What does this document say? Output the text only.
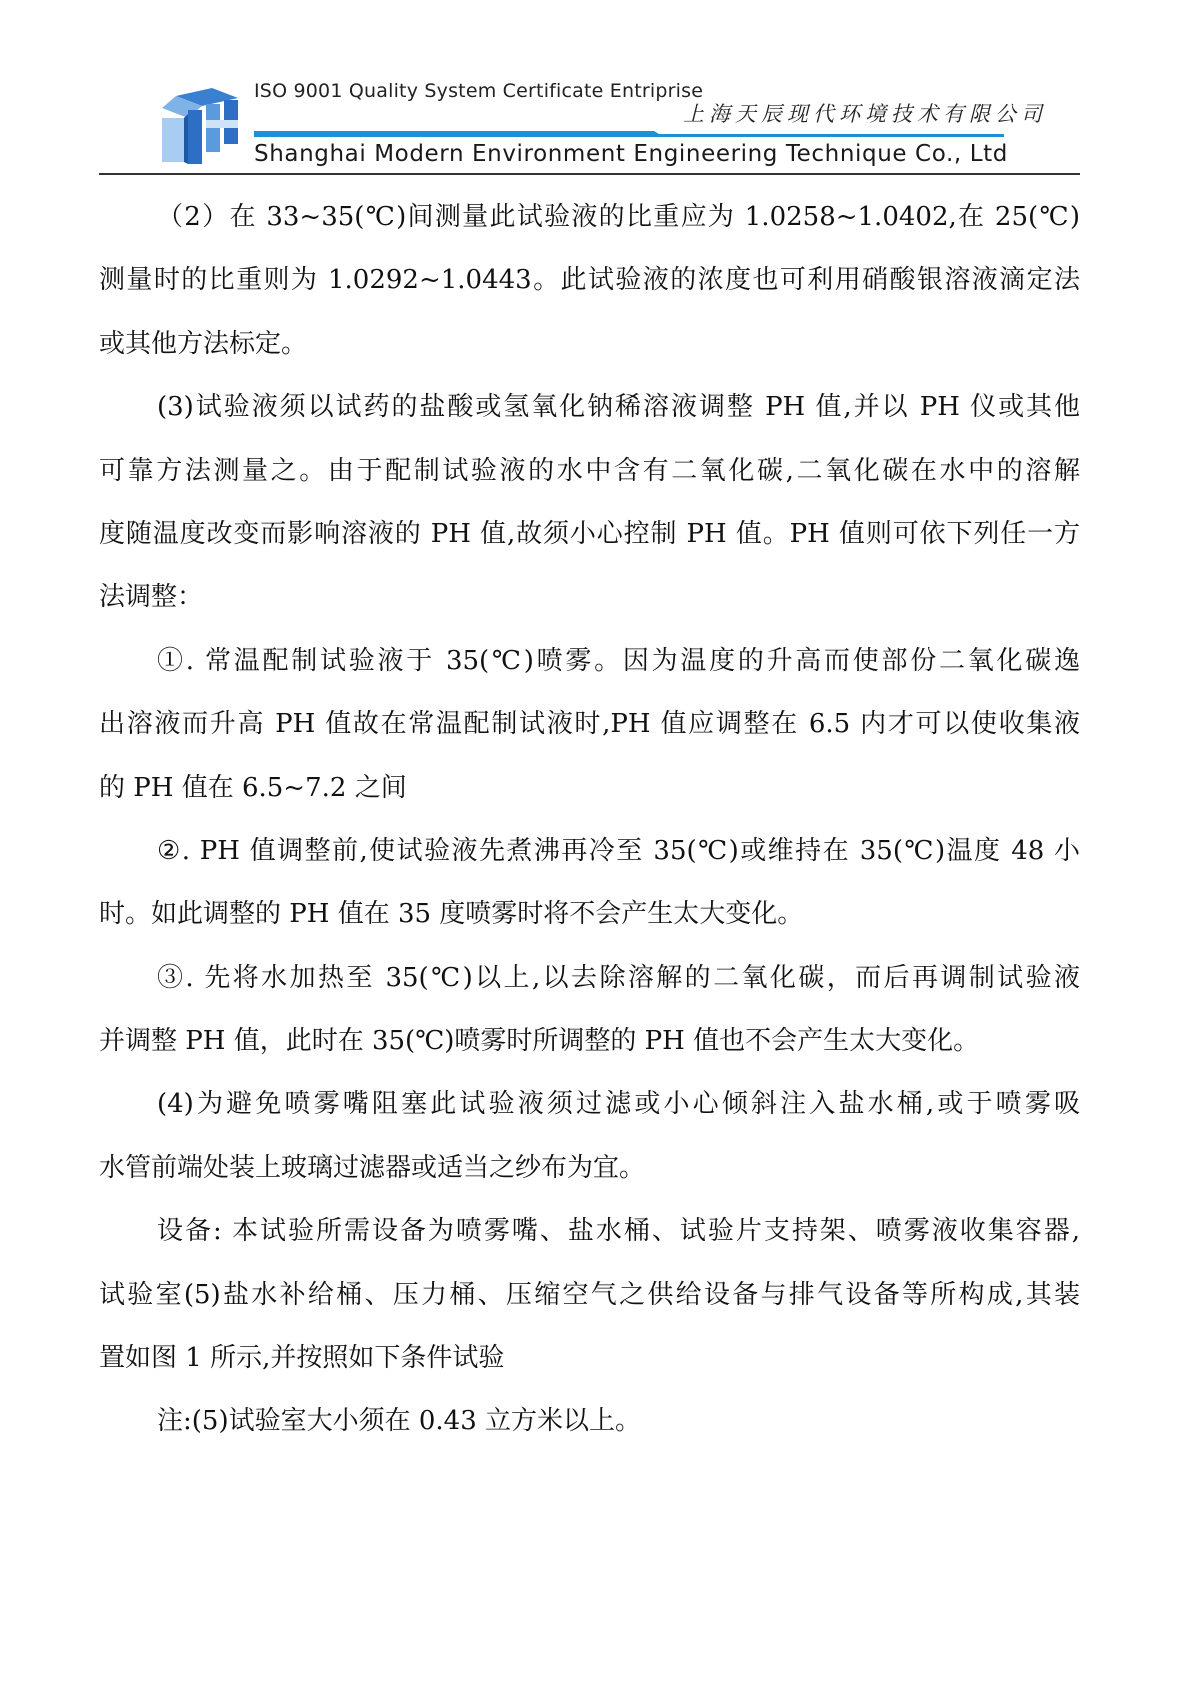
ISO 9001 Quality System Certificate Entriprise
上海天辰现代环境技术有限公司
Shanghai Modern Environment Engineering Technique Co., Ltd
（2）在 33~35(℃)间测量此试验液的比重应为 1.0258~1.0402,在 25(℃)
测量时的比重则为 1.0292~1.0443。此试验液的浓度也可利用硝酸银溶液滴定法
或其他方法标定。
(3)试验液须以试药的盐酸或氢氧化钠稀溶液调整 PH 值,并以 PH 仪或其他
可靠方法测量之。由于配制试验液的水中含有二氧化碳,二氧化碳在水中的溶解
度随温度改变而影响溶液的 PH 值,故须小心控制 PH 值。PH 值则可依下列任一方
法调整：
①. 常温配制试验液于 35(℃)喷雾。因为温度的升高而使部份二氧化碳逸
出溶液而升高 PH 值故在常温配制试液时,PH 值应调整在 6.5 内才可以使收集液
的 PH 值在 6.5~7.2 之间
②. PH 值调整前,使试验液先煮沸再冷至 35(℃)或维持在 35(℃)温度 48 小
时。如此调整的 PH 值在 35 度喷雾时将不会产生太大变化。
③. 先将水加热至 35(℃)以上,以去除溶解的二氧化碳，而后再调制试验液
并调整 PH 值，此时在 35(℃)喷雾时所调整的 PH 值也不会产生太大变化。
(4)为避免喷雾嘴阻塞此试验液须过滤或小心倾斜注入盐水桶,或于喷雾吸
水管前端处装上玻璃过滤器或适当之纱布为宜。
设备: 本试验所需设备为喷雾嘴、盐水桶、试验片支持架、喷雾液收集容器,
试验室(5)盐水补给桶、压力桶、压缩空气之供给设备与排气设备等所构成,其装
置如图 1 所示,并按照如下条件试验
注:(5)试验室大小须在 0.43 立方米以上。
